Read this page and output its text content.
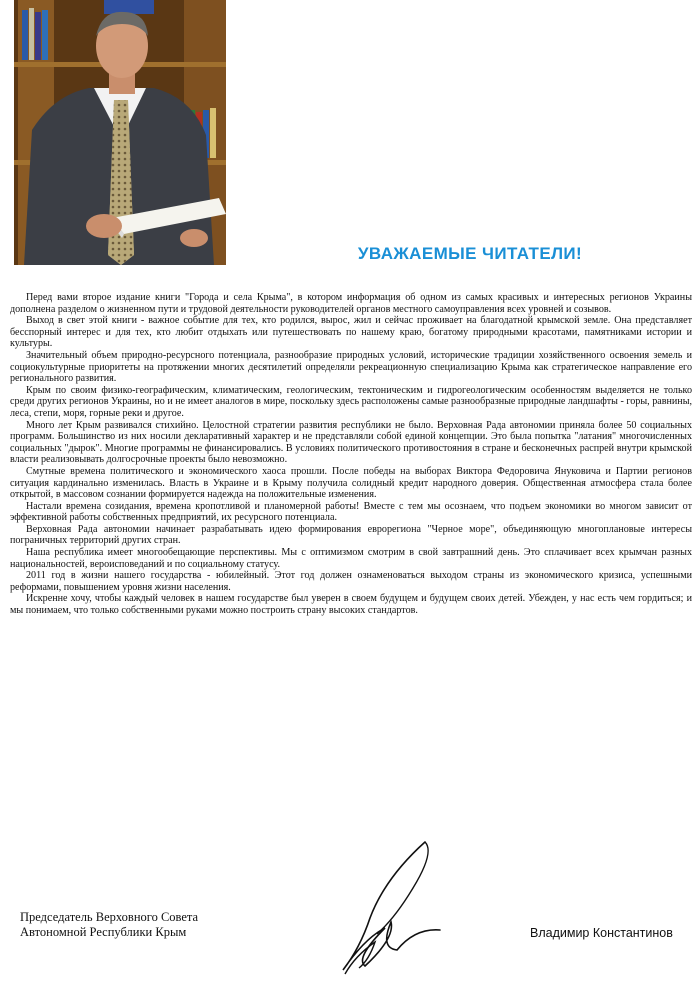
УВАЖАЕМЫЕ ЧИТАТЕЛИ!

Перед вами второе издание книги "Города и села Крыма", в котором информация об одном из самых красивых и интересных регионов Украины дополнена разделом о жизненном пути и трудовой деятельности руководителей органов местного самоуправления всех уровней и созывов.

Выход в свет этой книги - важное событие для тех, кто родился, вырос, жил и сейчас проживает на благодатной крымской земле. Она представляет бесспорный интерес и для тех, кто любит отдыхать или путешествовать по нашему краю, богатому природными красотами, памятниками истории и культуры.

Значительный объем природно-ресурсного потенциала, разнообразие природных условий, исторические традиции хозяйственного освоения земель и социокультурные приоритеты на протяжении многих десятилетий определяли рекреационную специализацию Крыма как стратегическое направление его регионального развития.

Крым по своим физико-географическим, климатическим, геологическим, тектоническим и гидрогеологическим особенностям выделяется не только среди других регионов Украины, но и не имеет аналогов в мире, поскольку здесь расположены самые разнообразные природные ландшафты - горы, равнины, леса, степи, моря, горные реки и другое.

Много лет Крым развивался стихийно. Целостной стратегии развития республики не было. Верховная Рада автономии приняла более 50 социальных программ. Большинство из них носили декларативный характер и не представляли собой единой концепции. Это была попытка "латания" многочисленных социальных "дырок". Многие программы не финансировались. В условиях политического противостояния в стране и бесконечных распрей внутри крымской власти реализовывать долгосрочные проекты было невозможно.

Смутные времена политического и экономического хаоса прошли. После победы на выборах Виктора Федоровича Януковича и Партии регионов ситуация кардинально изменилась. Власть в Украине и в Крыму получила солидный кредит народного доверия. Общественная атмосфера стала более открытой, в массовом сознании формируется надежда на положительные изменения.

Настали времена созидания, времена кропотливой и планомерной работы! Вместе с тем мы осознаем, что подъем экономики во многом зависит от эффективной работы собственных предприятий, их ресурсного потенциала.

Верховная Рада автономии начинает разрабатывать идею формирования еврорегиона "Черное море", объединяющую многоплановые интересы пограничных территорий других стран.

Наша республика имеет многообещающие перспективы. Мы с оптимизмом смотрим в свой завтрашний день. Это сплачивает всех крымчан разных национальностей, вероисповеданий и по социальному статусу.

2011 год в жизни нашего государства - юбилейный. Этот год должен ознаменоваться выходом страны из экономического кризиса, успешными реформами, повышением уровня жизни населения.

Искренне хочу, чтобы каждый человек в нашем государстве был уверен в своем будущем и будущем своих детей. Убежден, у нас есть чем гордиться; и мы понимаем, что только собственными руками можно построить страну высоких стандартов.

Председатель Верховного Совета
Автономной Республики Крым	Владимир Константинов
